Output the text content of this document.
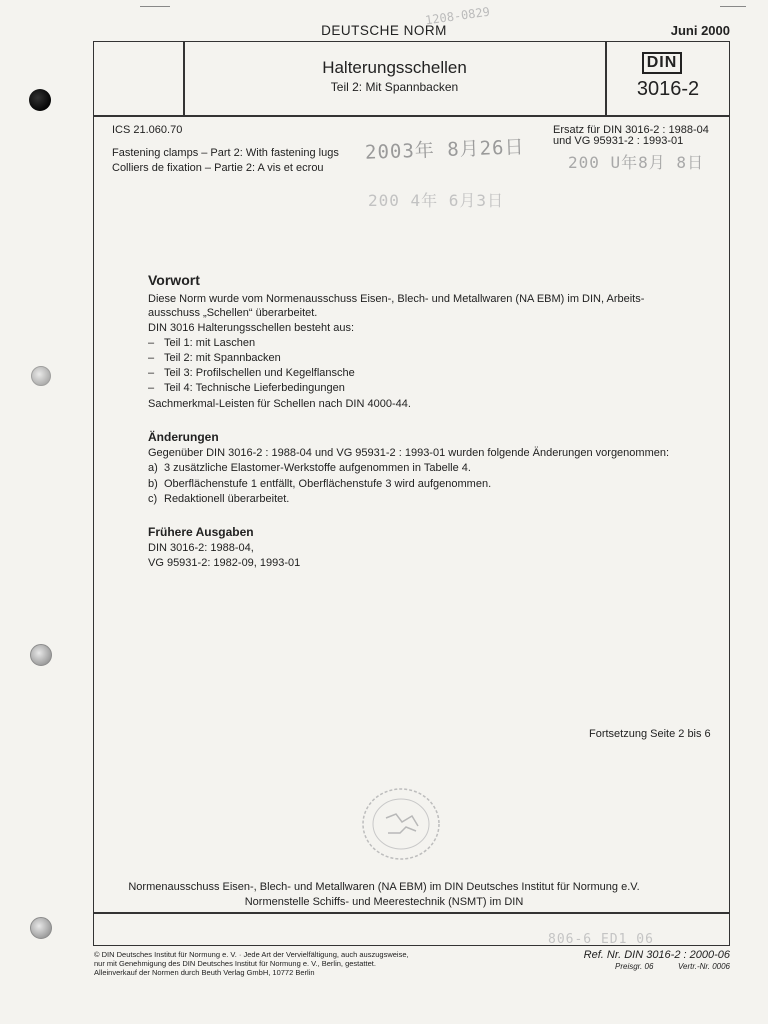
DEUTSCHE NORM
1208-0829
Juni 2000
Halterungsschellen
Teil 2: Mit Spannbacken
DIN
3016-2
ICS 21.060.70	Ersatz für DIN 3016-2 : 1988-04
und VG 95931-2 : 1993-01
Fastening clamps – Part 2: With fastening lugs
Colliers de fixation – Partie 2: A vis et ecrou
2003年 8月26日	200 U年8月 8日
200 4年 6月3日
Vorwort
Diese Norm wurde vom Normenausschuss Eisen-, Blech- und Metallwaren (NA EBM) im DIN, Arbeits-
ausschuss „Schellen“ überarbeitet.
DIN 3016 Halterungsschellen besteht aus:
– Teil 1: mit Laschen
– Teil 2: mit Spannbacken
– Teil 3: Profilschellen und Kegelflansche
– Teil 4: Technische Lieferbedingungen
Sachmerkmal-Leisten für Schellen nach DIN 4000-44.
Änderungen
Gegenüber DIN 3016-2 : 1988-04 und VG 95931-2 : 1993-01 wurden folgende Änderungen vorgenommen:
a) 3 zusätzliche Elastomer-Werkstoffe aufgenommen in Tabelle 4.
b) Oberflächenstufe 1 entfällt, Oberflächenstufe 3 wird aufgenommen.
c) Redaktionell überarbeitet.
Frühere Ausgaben
DIN 3016-2: 1988-04,
VG 95931-2: 1982-09, 1993-01
Fortsetzung Seite 2 bis 6
Normenausschuss Eisen-, Blech- und Metallwaren (NA EBM) im DIN Deutsches Institut für Normung e.V.
Normenstelle Schiffs- und Meerestechnik (NSMT) im DIN
806-6 ED1 06
© DIN Deutsches Institut für Normung e. V. · Jede Art der Vervielfältigung, auch auszugsweise,
nur mit Genehmigung des DIN Deutsches Institut für Normung e. V., Berlin, gestattet.
Alleinverkauf der Normen durch Beuth Verlag GmbH, 10772 Berlin
Ref. Nr. DIN 3016-2 : 2000-06
Preisgr. 06	Vertr.-Nr. 0006
